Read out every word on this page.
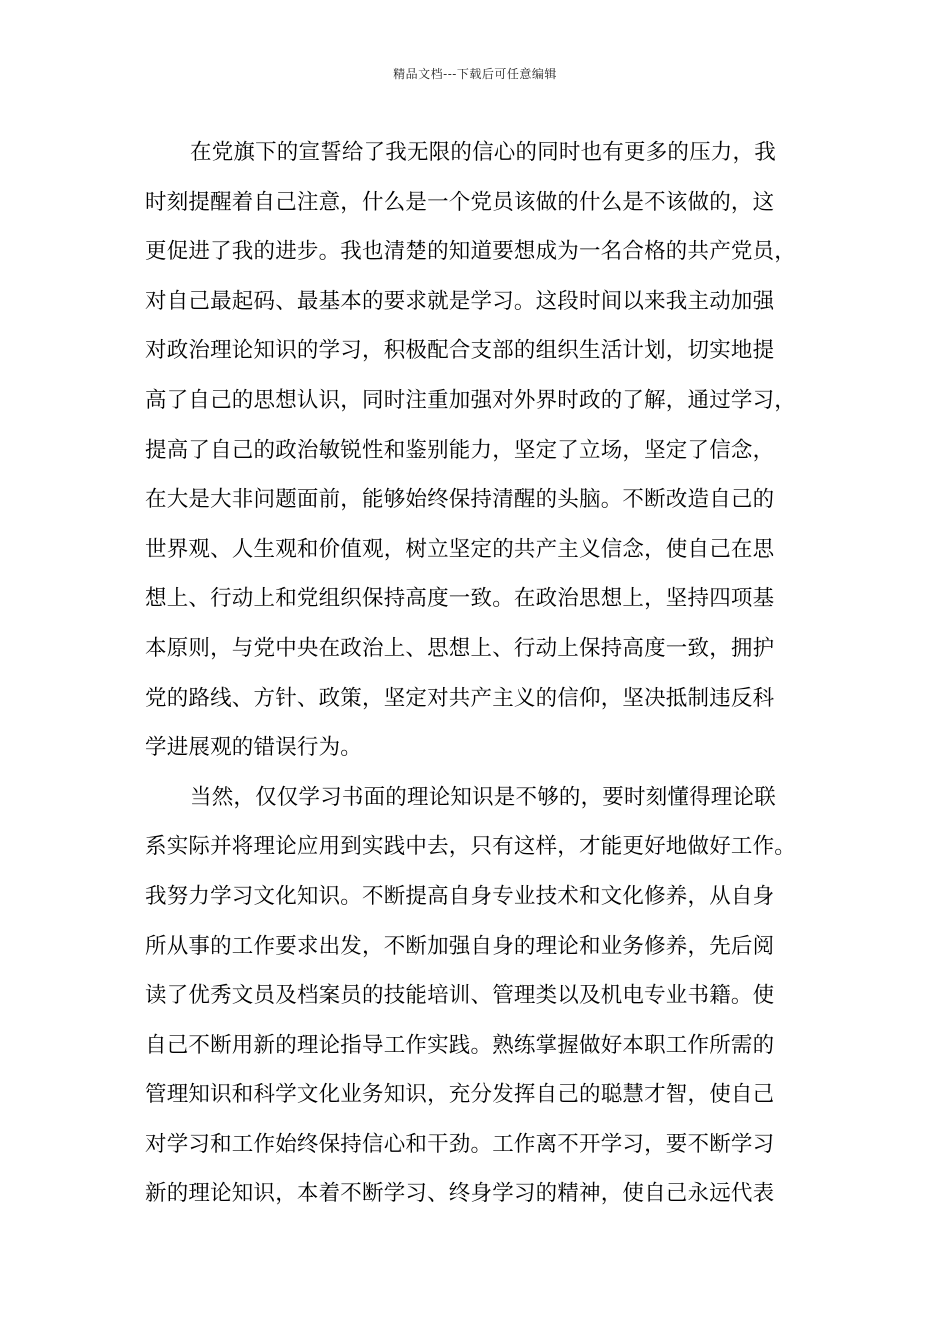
精品文档---下载后可任意编辑
在党旗下的宣誓给了我无限的信心的同时也有更多的压力，我
时刻提醒着自己注意，什么是一个党员该做的什么是不该做的，这
更促进了我的进步。我也清楚的知道要想成为一名合格的共产党员，
对自己最起码、最基本的要求就是学习。这段时间以来我主动加强
对政治理论知识的学习，积极配合支部的组织生活计划，切实地提
高了自己的思想认识，同时注重加强对外界时政的了解，通过学习，
提高了自己的政治敏锐性和鉴别能力，坚定了立场，坚定了信念，
在大是大非问题面前，能够始终保持清醒的头脑。不断改造自己的
世界观、人生观和价值观，树立坚定的共产主义信念，使自己在思
想上、行动上和党组织保持高度一致。在政治思想上，坚持四项基
本原则，与党中央在政治上、思想上、行动上保持高度一致，拥护
党的路线、方针、政策，坚定对共产主义的信仰，坚决抵制违反科
学进展观的错误行为。
当然，仅仅学习书面的理论知识是不够的，要时刻懂得理论联
系实际并将理论应用到实践中去，只有这样，才能更好地做好工作。
我努力学习文化知识。不断提高自身专业技术和文化修养，从自身
所从事的工作要求出发，不断加强自身的理论和业务修养，先后阅
读了优秀文员及档案员的技能培训、管理类以及机电专业书籍。使
自己不断用新的理论指导工作实践。熟练掌握做好本职工作所需的
管理知识和科学文化业务知识，充分发挥自己的聪慧才智，使自己
对学习和工作始终保持信心和干劲。工作离不开学习，要不断学习
新的理论知识，本着不断学习、终身学习的精神，使自己永远代表
